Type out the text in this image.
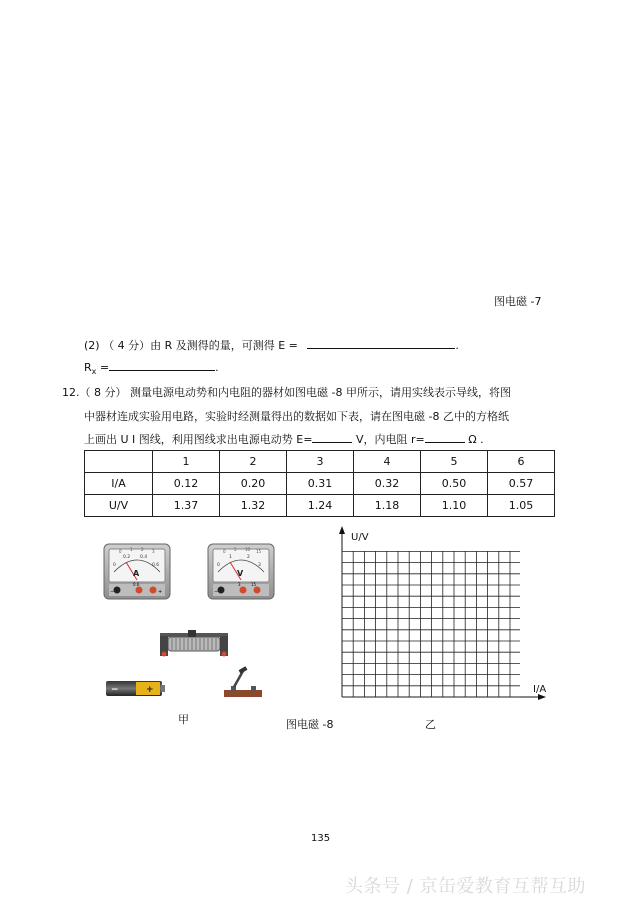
图电磁 -7
(2) （ 4 分）由 R 及测得的量，可测得 E =	.
$R_x$ =	.
12.（ 8 分） 测量电源电动势和内电阻的器材如图电磁 -8 甲所示，请用实线表示导线，将图
中器材连成实验用电路，实验时经测量得出的数据如下表，请在图电磁 -8 乙中的方格纸
上画出 U I 图线，利用图线求出电源电动势 E=	V，内电阻 r=	Ω .
	1	2	3	4	5	6
I/A	0.12	0.20	0.31	0.32	0.50	0.57
U/V	1.37	1.32	1.24	1.18	1.10	1.05
0
0.2 0.4
0.6
0 1 2 3
A
−
0.6
+
0
1	2
3
0 5 10 15
V
−
3	15
−	+
U/V
I/A
甲	图电磁 -8	乙
135
头条号 / 京缶爱教育互帮互助
